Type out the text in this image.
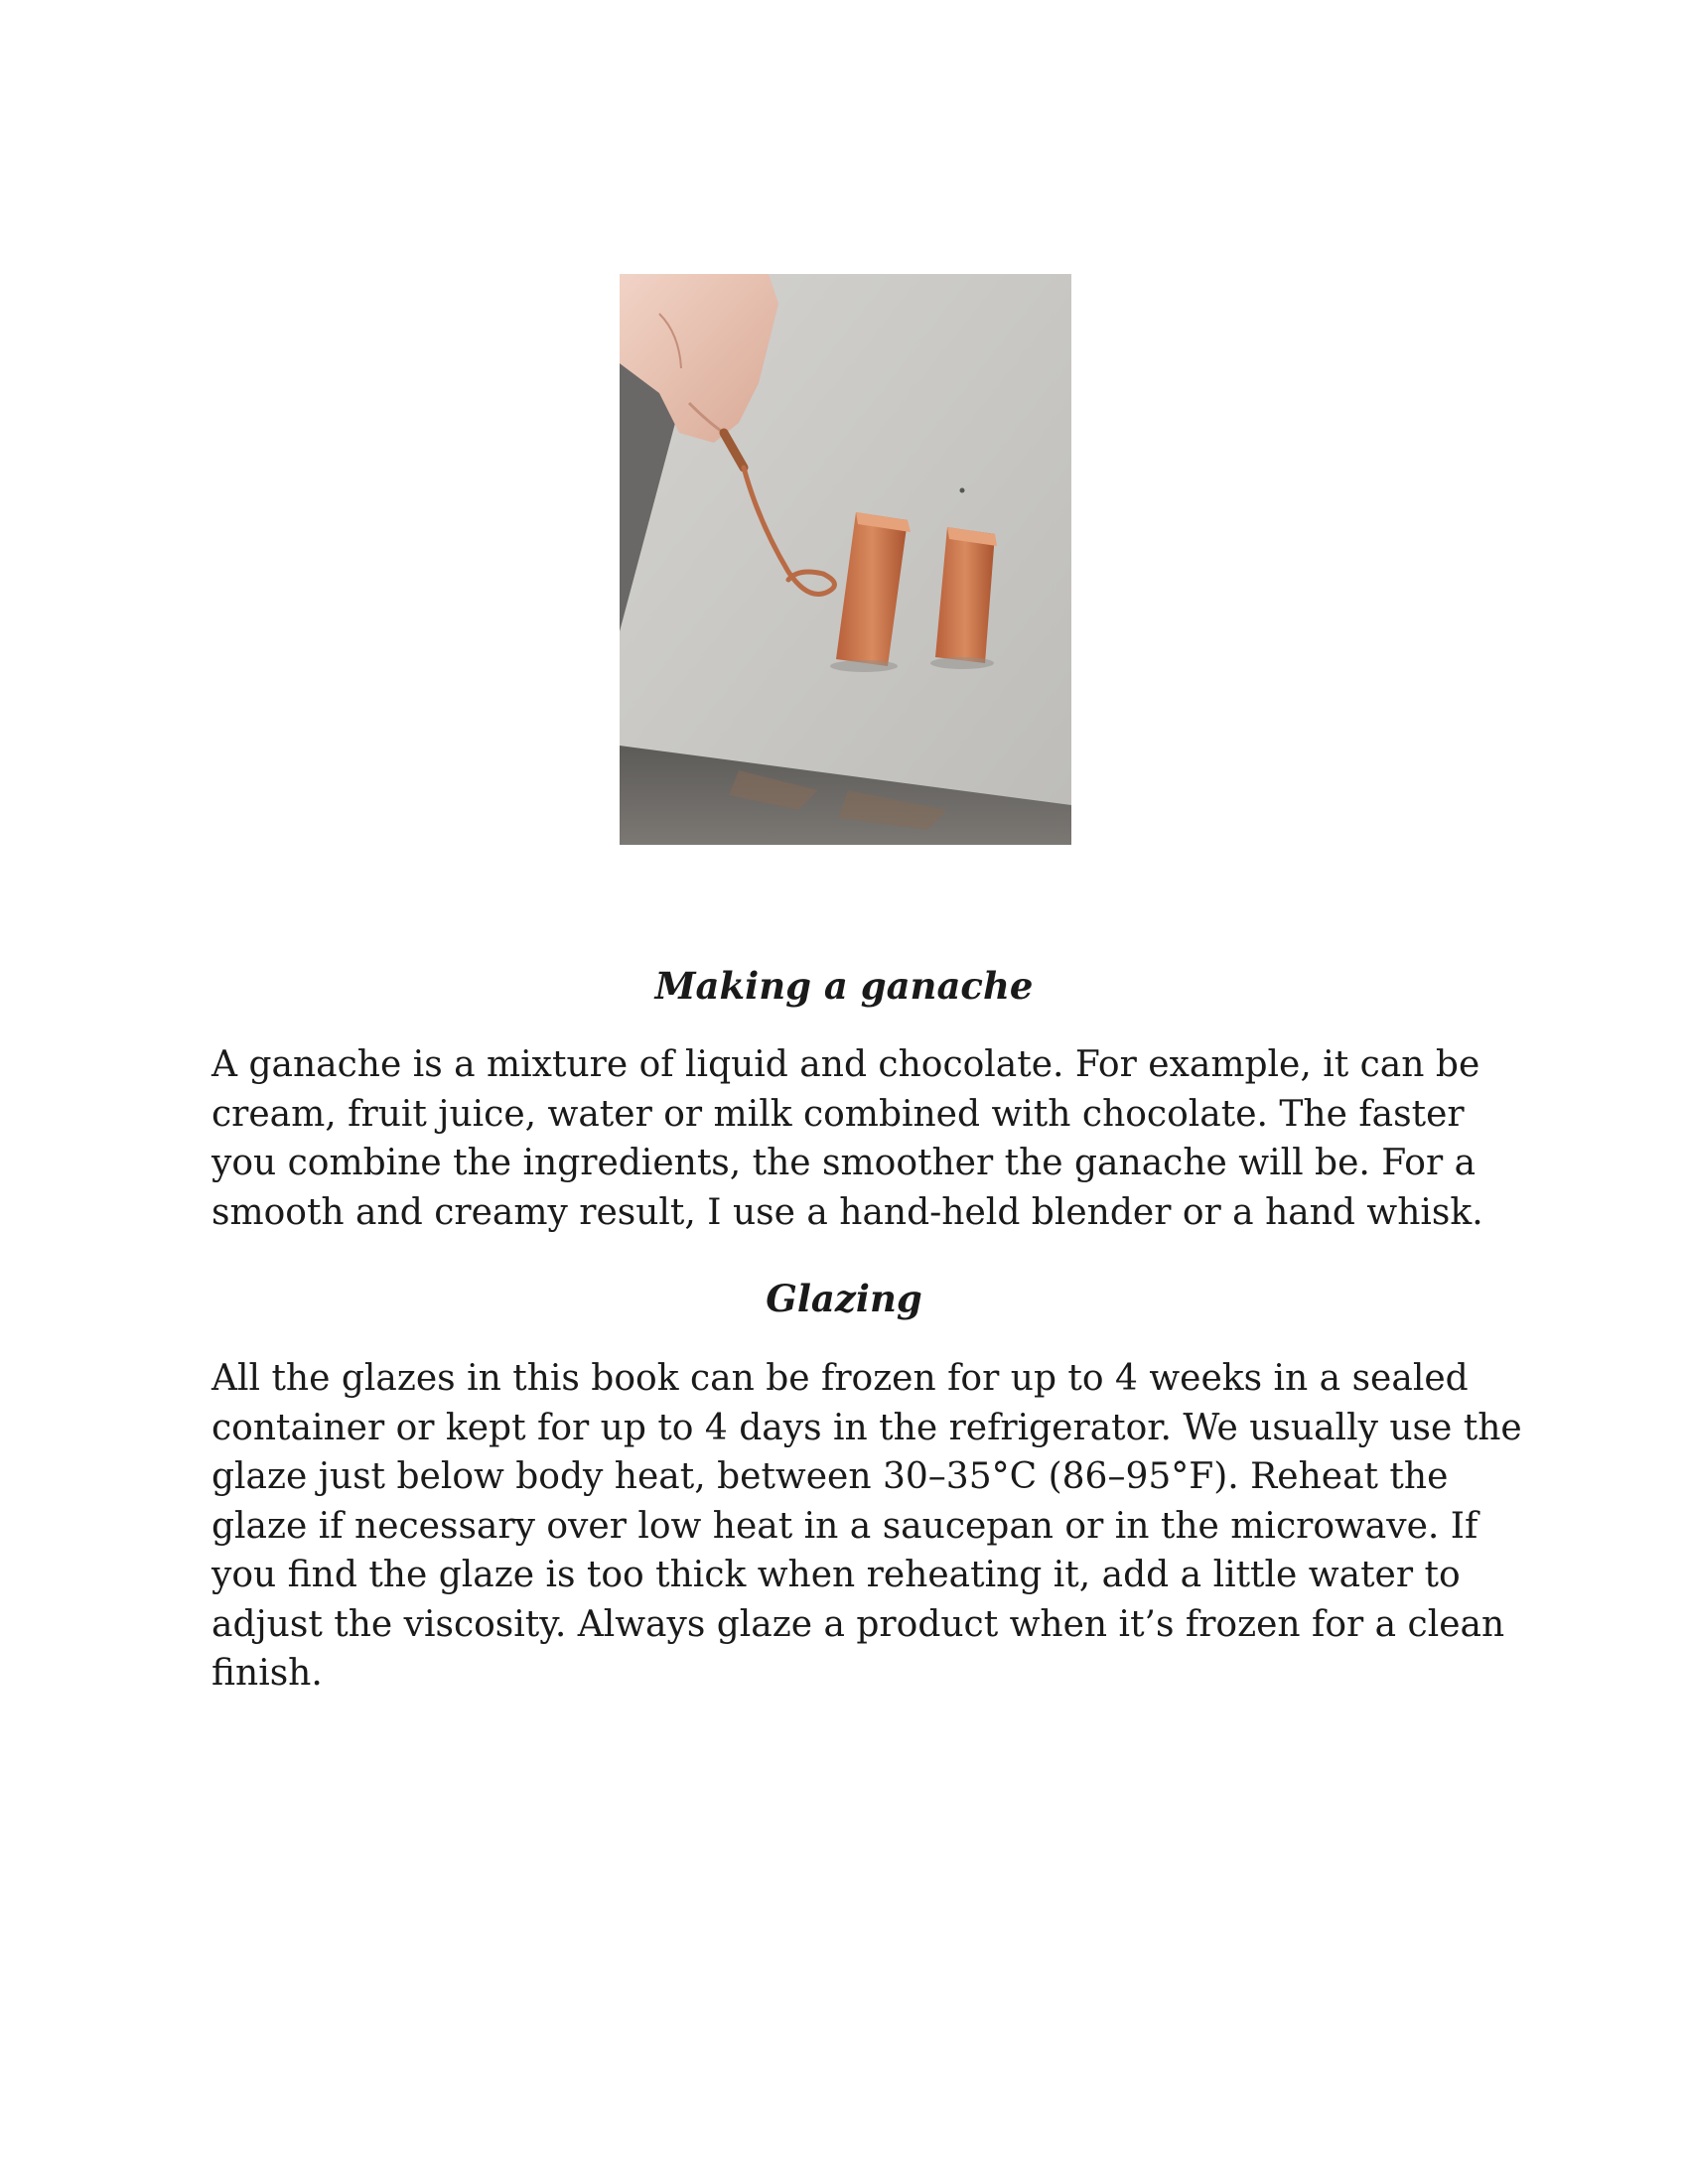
Making a ganache

A ganache is a mixture of liquid and chocolate. For example, it can be
cream, fruit juice, water or milk combined with chocolate. The faster
you combine the ingredients, the smoother the ganache will be. For a
smooth and creamy result, I use a hand-held blender or a hand whisk.

Glazing

All the glazes in this book can be frozen for up to 4 weeks in a sealed
container or kept for up to 4 days in the refrigerator. We usually use the
glaze just below body heat, between 30–35°C (86–95°F). Reheat the
glaze if necessary over low heat in a saucepan or in the microwave. If
you find the glaze is too thick when reheating it, add a little water to
adjust the viscosity. Always glaze a product when it’s frozen for a clean
finish.
